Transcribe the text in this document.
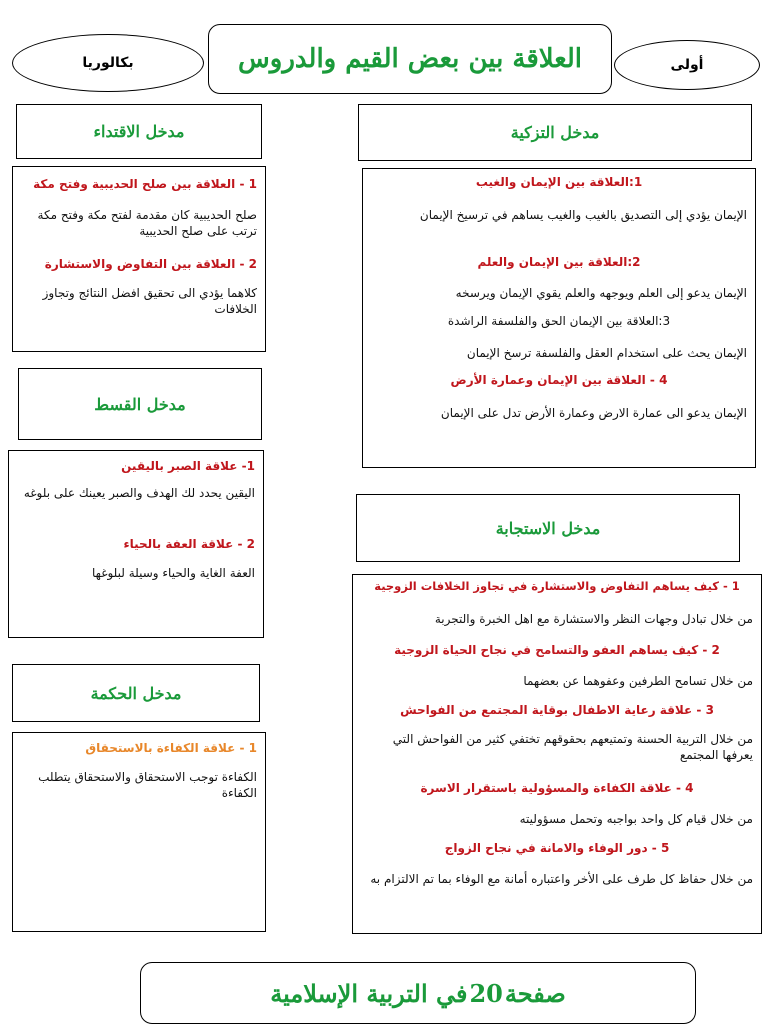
بكالوريا	العلاقة بين بعض القيم والدروس	أولى
مدخل التزكية

1:العلاقة بين الإيمان والغيب

الإيمان يؤدي إلى التصديق بالغيب والغيب يساهم في ترسيخ الإيمان

2:العلاقة بين الإيمان والعلم

الإيمان يدعو إلى العلم ويوجهه والعلم يقوي الإيمان ويرسخه

3:العلاقة بين الإيمان الحق والفلسفة الراشدة

الإيمان يحث على استخدام العقل والفلسفة ترسخ الإيمان

4 - العلاقة بين الإيمان وعمارة الأرض

الإيمان يدعو الى عمارة الارض وعمارة الأرض تدل على الإيمان

مدخل الاقتداء

1 - العلاقة بين صلح الحديبية وفتح مكة

صلح الحديبية كان مقدمة لفتح مكة وفتح مكة ترتب على صلح الحديبية

2 - العلاقة بين التفاوض والاستشارة

كلاهما يؤدي الى تحقيق افضل النتائج وتجاوز الخلافات

مدخل القسط

1- علاقة الصبر باليقين

اليقين يحدد لك الهدف والصبر يعينك على بلوغه

2 - علاقة العفة بالحياء

العفة الغاية والحياء وسيلة لبلوغها

مدخل الاستجابة

1 - كيف يساهم التفاوض والاستشارة في تجاوز الخلافات الزوجية

من خلال تبادل وجهات النظر والاستشارة مع اهل الخبرة والتجربة

2 - كيف يساهم العفو والتسامح في نجاح الحياة الزوجية

من خلال تسامح الطرفين وعفوهما عن بعضهما

3 - علاقة رعاية الاطفال بوقاية المجتمع من الفواحش

من خلال التربية الحسنة وتمتيعهم بحقوقهم تختفي كثير من الفواحش التي يعرفها المجتمع

4 - علاقة الكفاءة والمسؤولية باستقرار الاسرة

من خلال قيام كل واحد بواجبه وتحمل مسؤوليته

5 - دور الوفاء والامانة في نجاح الزواج

من خلال حفاظ كل طرف على الأخر واعتباره أمانة مع الوفاء بما تم الالتزام به

مدخل الحكمة

1 - علاقة الكفاءة بالاستحقاق

الكفاءة توجب الاستحقاق والاستحقاق يتطلب الكفاءة

صفحة
20
في التربية الإسلامية
